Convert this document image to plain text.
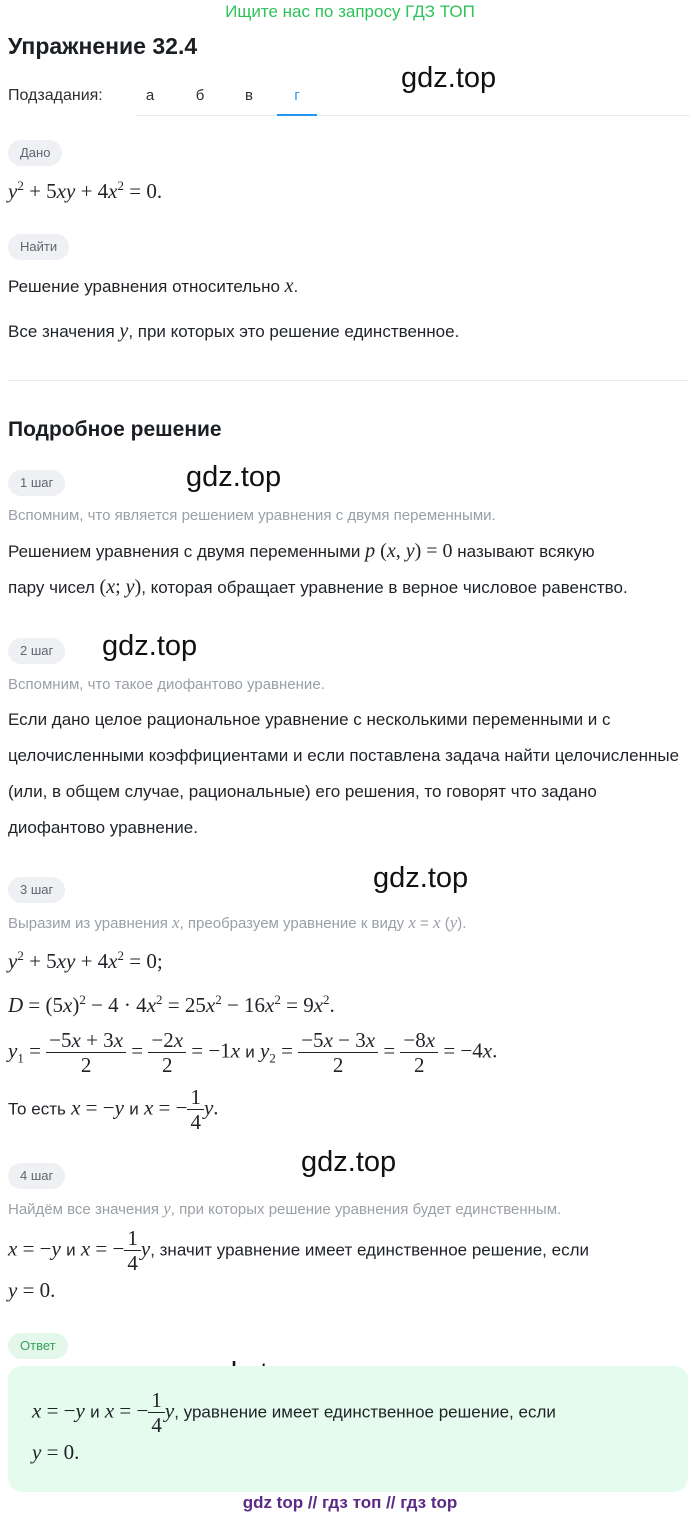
Ищите нас по запросу ГДЗ ТОП
Упражнение 32.4
Подзадания:	а	б	в	г
gdz.top
gdz.top
gdz.top
gdz.top
gdz.top
Дано
$y^2 + 5xy + 4x^2 = 0$.
Найти
Решение уравнения относительно x.
Все значения y, при которых это решение единственное.
Подробное решение
1 шаг
Вспомним, что является решением уравнения с двумя переменными.
Решением уравнения с двумя переменными p (x, y) = 0 называют всякую
пару чисел (x; y), которая обращает уравнение в верное числовое равенство.
2 шаг
Вспомним, что такое диофантово уравнение.
Если дано целое рациональное уравнение с несколькими переменными и с целочисленными коэффициентами и если поставлена задача найти целочисленные (или, в общем случае, рациональные) его решения, то говорят что задано диофантово уравнение.
3 шаг
Выразим из уравнения x, преобразуем уравнение к виду x = x (y).
$y^2 + 5xy + 4x^2 = 0$;
$D = (5x)^2 - 4 \cdot 4x^2 = 25x^2 - 16x^2 = 9x^2$.
$y_1 = \frac{-5x + 3x}{2} = \frac{-2x}{2} = -1x$ и $y_2 = \frac{-5x - 3x}{2} = \frac{-8x}{2} = -4x$.
То есть x = −y и x = − $\frac{1}{4} y$.
4 шаг
Найдём все значения y, при которых решение уравнения будет единственным.
x = −y и x = − $\frac{1}{4} y$, значит уравнение имеет единственное решение, если
y = 0.
Ответ
x = −y и x = − $\frac{1}{4} y$, уравнение имеет единственное решение, если
y = 0.
gdz top // гдз топ // гдз top
